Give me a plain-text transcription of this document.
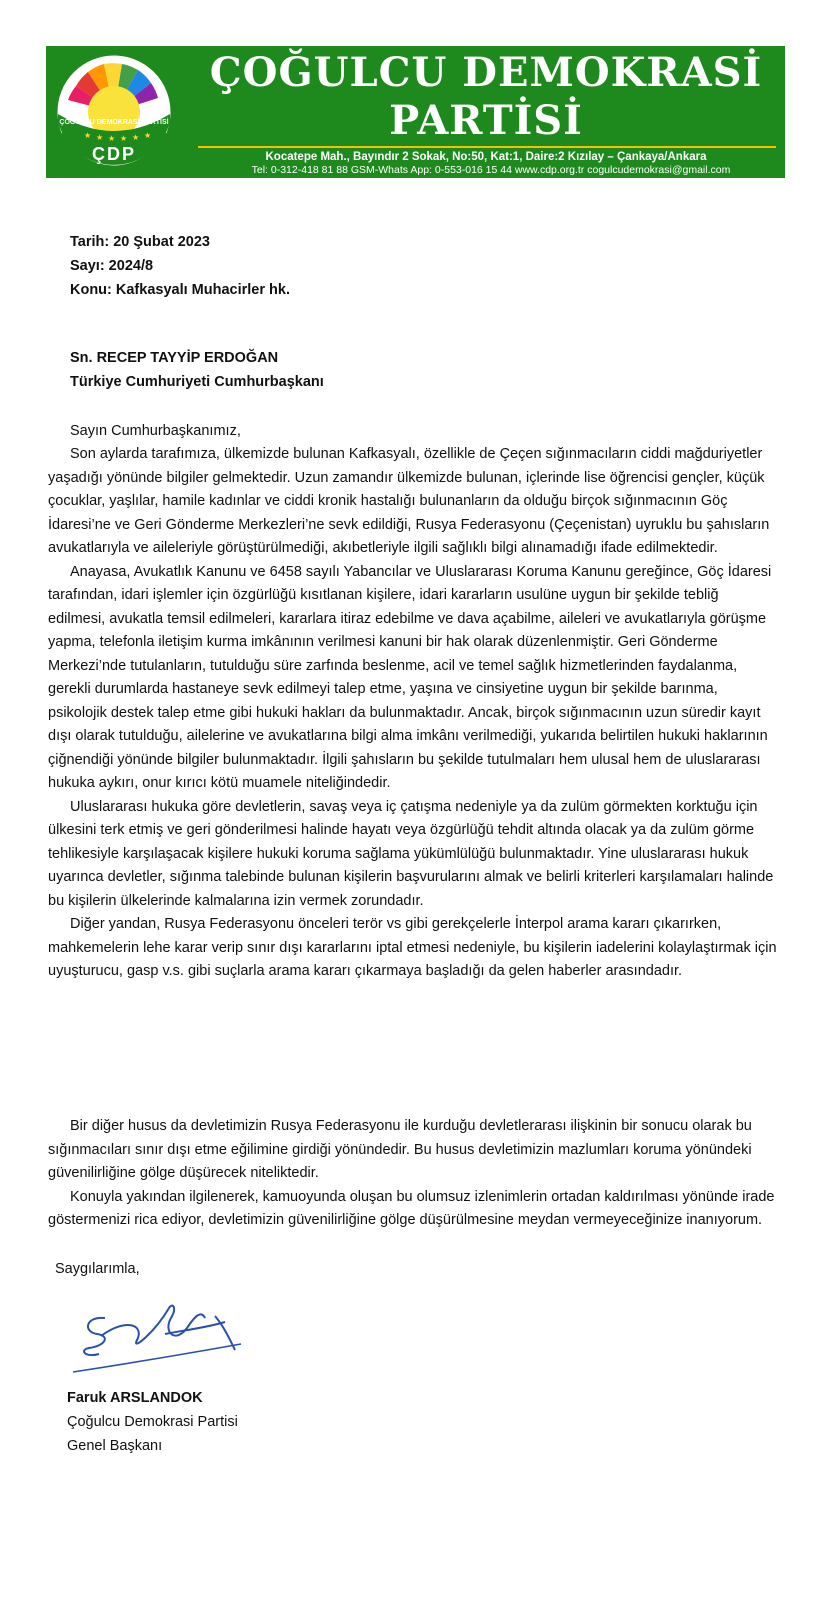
ÇOĞULCU DEMOKRASİ PARTİSİ
★ ★ ★ ★ ★ ★
ÇDP
ÇOĞULCU DEMOKRASİ
PARTİSİ
Kocatepe Mah., Bayındır 2 Sokak, No:50, Kat:1, Daire:2 Kızılay – Çankaya/Ankara
Tel: 0-312-418 81 88 GSM-Whats App: 0-553-016 15 44 www.cdp.org.tr cogulcudemokrasi@gmail.com
Tarih: 20 Şubat 2023
Sayı: 2024/8
Konu: Kafkasyalı Muhacirler hk.
Sn. RECEP TAYYİP ERDOĞAN
Türkiye Cumhuriyeti Cumhurbaşkanı
Sayın Cumhurbaşkanımız,

Son aylarda tarafımıza, ülkemizde bulunan Kafkasyalı, özellikle de Çeçen sığınmacıların ciddi mağduriyetler yaşadığı yönünde bilgiler gelmektedir. Uzun zamandır ülkemizde bulunan, içlerinde lise öğrencisi gençler, küçük çocuklar, yaşlılar, hamile kadınlar ve ciddi kronik hastalığı bulunanların da olduğu birçok sığınmacının Göç İdaresi’ne ve Geri Gönderme Merkezleri’ne sevk edildiği, Rusya Federasyonu (Çeçenistan) uyruklu bu şahısların avukatlarıyla ve aileleriyle görüştürülmediği, akıbetleriyle ilgili sağlıklı bilgi alınamadığı ifade edilmektedir.

Anayasa, Avukatlık Kanunu ve 6458 sayılı Yabancılar ve Uluslararası Koruma Kanunu gereğince, Göç İdaresi tarafından, idari işlemler için özgürlüğü kısıtlanan kişilere, idari kararların usulüne uygun bir şekilde tebliğ edilmesi, avukatla temsil edilmeleri, kararlara itiraz edebilme ve dava açabilme, aileleri ve avukatlarıyla görüşme yapma, telefonla iletişim kurma imkânının verilmesi kanuni bir hak olarak düzenlenmiştir. Geri Gönderme Merkezi’nde tutulanların, tutulduğu süre zarfında beslenme, acil ve temel sağlık hizmetlerinden faydalanma, gerekli durumlarda hastaneye sevk edilmeyi talep etme, yaşına ve cinsiyetine uygun bir şekilde barınma, psikolojik destek talep etme gibi hukuki hakları da bulunmaktadır. Ancak, birçok sığınmacının uzun süredir kayıt dışı olarak tutulduğu, ailelerine ve avukatlarına bilgi alma imkânı verilmediği, yukarıda belirtilen hukuki haklarının çiğnendiği yönünde bilgiler bulunmaktadır. İlgili şahısların bu şekilde tutulmaları hem ulusal hem de uluslararası hukuka aykırı, onur kırıcı kötü muamele niteliğindedir.

Uluslararası hukuka göre devletlerin, savaş veya iç çatışma nedeniyle ya da zulüm görmekten korktuğu için ülkesini terk etmiş ve geri gönderilmesi halinde hayatı veya özgürlüğü tehdit altında olacak ya da zulüm görme tehlikesiyle karşılaşacak kişilere hukuki koruma sağlama yükümlülüğü bulunmaktadır. Yine uluslararası hukuk uyarınca devletler, sığınma talebinde bulunan kişilerin başvurularını almak ve belirli kriterleri karşılamaları halinde bu kişilerin ülkelerinde kalmalarına izin vermek zorundadır.

Diğer yandan, Rusya Federasyonu önceleri terör vs gibi gerekçelerle İnterpol arama kararı çıkarırken, mahkemelerin lehe karar verip sınır dışı kararlarını iptal etmesi nedeniyle, bu kişilerin iadelerini kolaylaştırmak için uyuşturucu, gasp v.s. gibi suçlarla arama kararı çıkarmaya başladığı da gelen haberler arasındadır.

Bir diğer husus da devletimizin Rusya Federasyonu ile kurduğu devletlerarası ilişkinin bir sonucu olarak bu sığınmacıları sınır dışı etme eğilimine girdiği yönündedir. Bu husus devletimizin mazlumları koruma yönündeki güvenilirliğine gölge düşürecek niteliktedir.

Konuyla yakından ilgilenerek, kamuoyunda oluşan bu olumsuz izlenimlerin ortadan kaldırılması yönünde irade göstermenizi rica ediyor, devletimizin güvenilirliğine gölge düşürülmesine meydan vermeyeceğinize inanıyorum.

Saygılarımla,
Faruk ARSLANDOK
Çoğulcu Demokrasi Partisi
Genel Başkanı
